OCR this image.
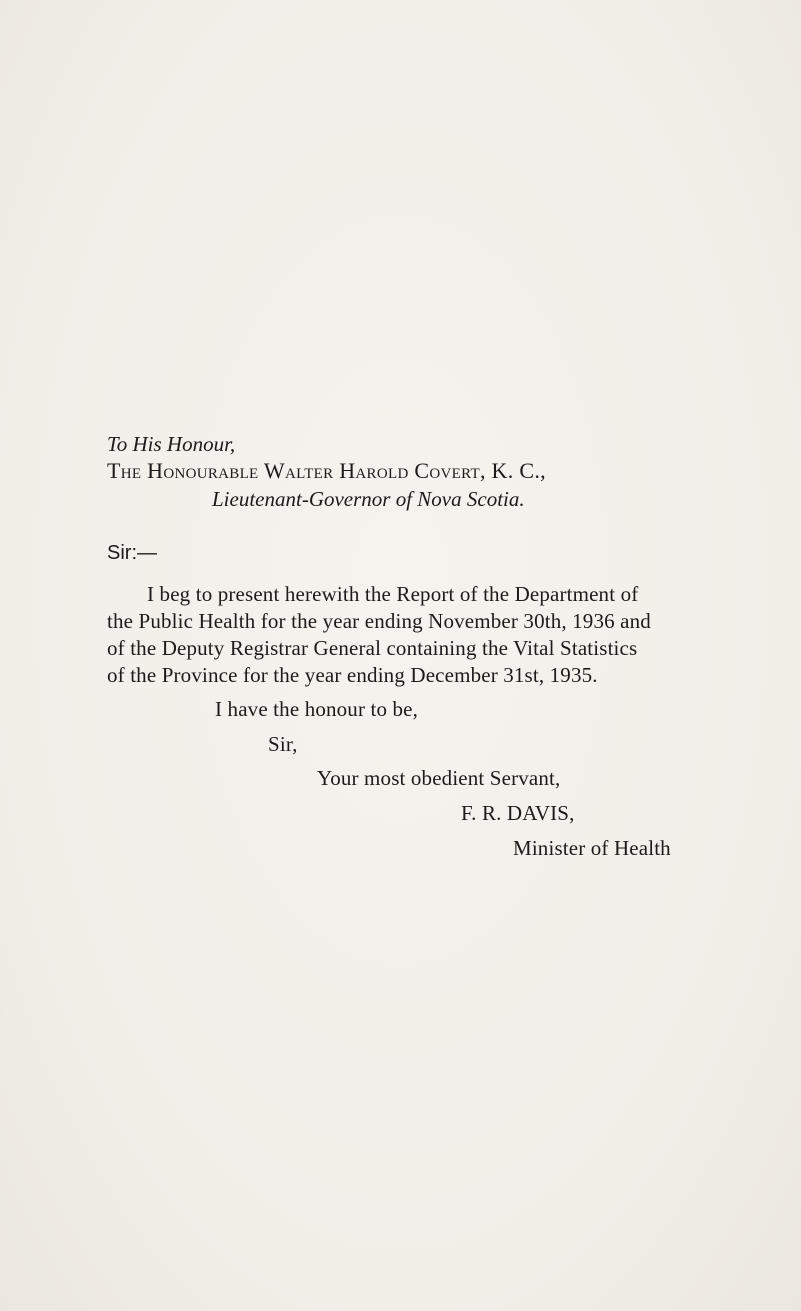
To His Honour,
The Honourable Walter Harold Covert, K. C.,
Lieutenant-Governor of Nova Scotia.
Sir:—
I beg to present herewith the Report of the Department of
the Public Health for the year ending November 30th, 1936 and
of the Deputy Registrar General containing the Vital Statistics
of the Province for the year ending December 31st, 1935.
I have the honour to be,
Sir,
Your most obedient Servant,
F. R. DAVIS,
Minister of Health
